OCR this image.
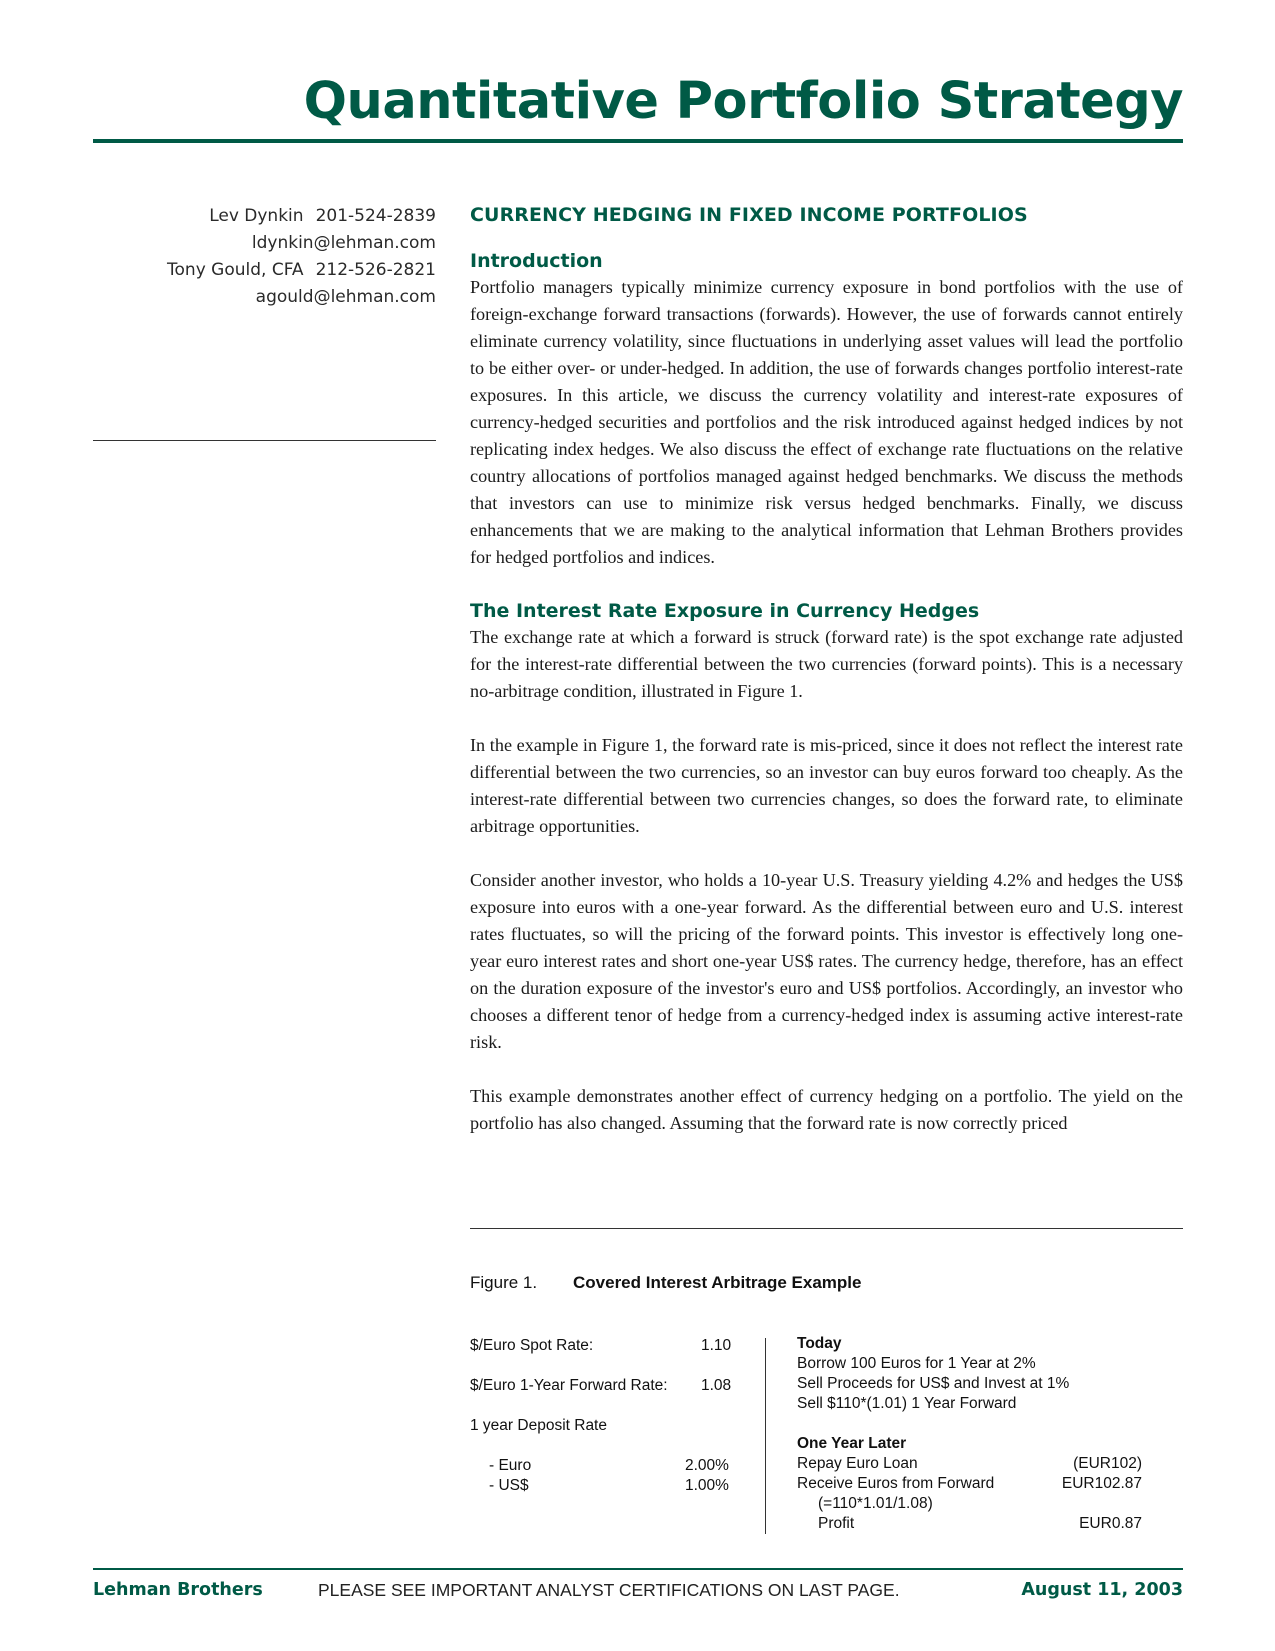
Quantitative Portfolio Strategy
Lev Dynkin 201-524-2839
ldynkin@lehman.com
Tony Gould, CFA 212-526-2821
agould@lehman.com
CURRENCY HEDGING IN FIXED INCOME PORTFOLIOS
Introduction

Portfolio managers typically minimize currency exposure in bond portfolios with the use of foreign-exchange forward transactions (forwards). However, the use of forwards cannot entirely eliminate currency volatility, since fluctuations in underlying asset values will lead the portfolio to be either over- or under-hedged. In addition, the use of forwards changes portfolio interest-rate exposures. In this article, we discuss the currency volatility and interest-rate exposures of currency-hedged securities and portfolios and the risk introduced against hedged indices by not replicating index hedges. We also discuss the effect of exchange rate fluctuations on the relative country allocations of portfolios managed against hedged benchmarks. We discuss the methods that investors can use to minimize risk versus hedged benchmarks. Finally, we discuss enhancements that we are making to the analytical information that Lehman Brothers provides for hedged portfolios and indices.

The Interest Rate Exposure in Currency Hedges

The exchange rate at which a forward is struck (forward rate) is the spot exchange rate adjusted for the interest-rate differential between the two currencies (forward points). This is a necessary no-arbitrage condition, illustrated in Figure 1.

In the example in Figure 1, the forward rate is mis-priced, since it does not reflect the interest rate differential between the two currencies, so an investor can buy euros forward too cheaply. As the interest-rate differential between two currencies changes, so does the forward rate, to eliminate arbitrage opportunities.

Consider another investor, who holds a 10-year U.S. Treasury yielding 4.2% and hedges the US$ exposure into euros with a one-year forward. As the differential between euro and U.S. interest rates fluctuates, so will the pricing of the forward points. This investor is effectively long one-year euro interest rates and short one-year US$ rates. The currency hedge, therefore, has an effect on the duration exposure of the investor's euro and US$ portfolios. Accordingly, an investor who chooses a different tenor of hedge from a currency-hedged index is assuming active interest-rate risk.

This example demonstrates another effect of currency hedging on a portfolio. The yield on the portfolio has also changed. Assuming that the forward rate is now correctly priced

Figure 1. Covered Interest Arbitrage Example
$/Euro Spot Rate:	1.10
$/Euro 1-Year Forward Rate: 1.08
1 year Deposit Rate
- Euro	2.00%
- US$	1.00%
Today
Borrow 100 Euros for 1 Year at 2%
Sell Proceeds for US$ and Invest at 1%
Sell $110*(1.01) 1 Year Forward
One Year Later
Repay Euro Loan	(EUR102)
Receive Euros from Forward	EUR102.87
(=110*1.01/1.08)
Profit	EUR0.87
Lehman Brothers	PLEASE SEE IMPORTANT ANALYST CERTIFICATIONS ON LAST PAGE.	August 11, 2003
